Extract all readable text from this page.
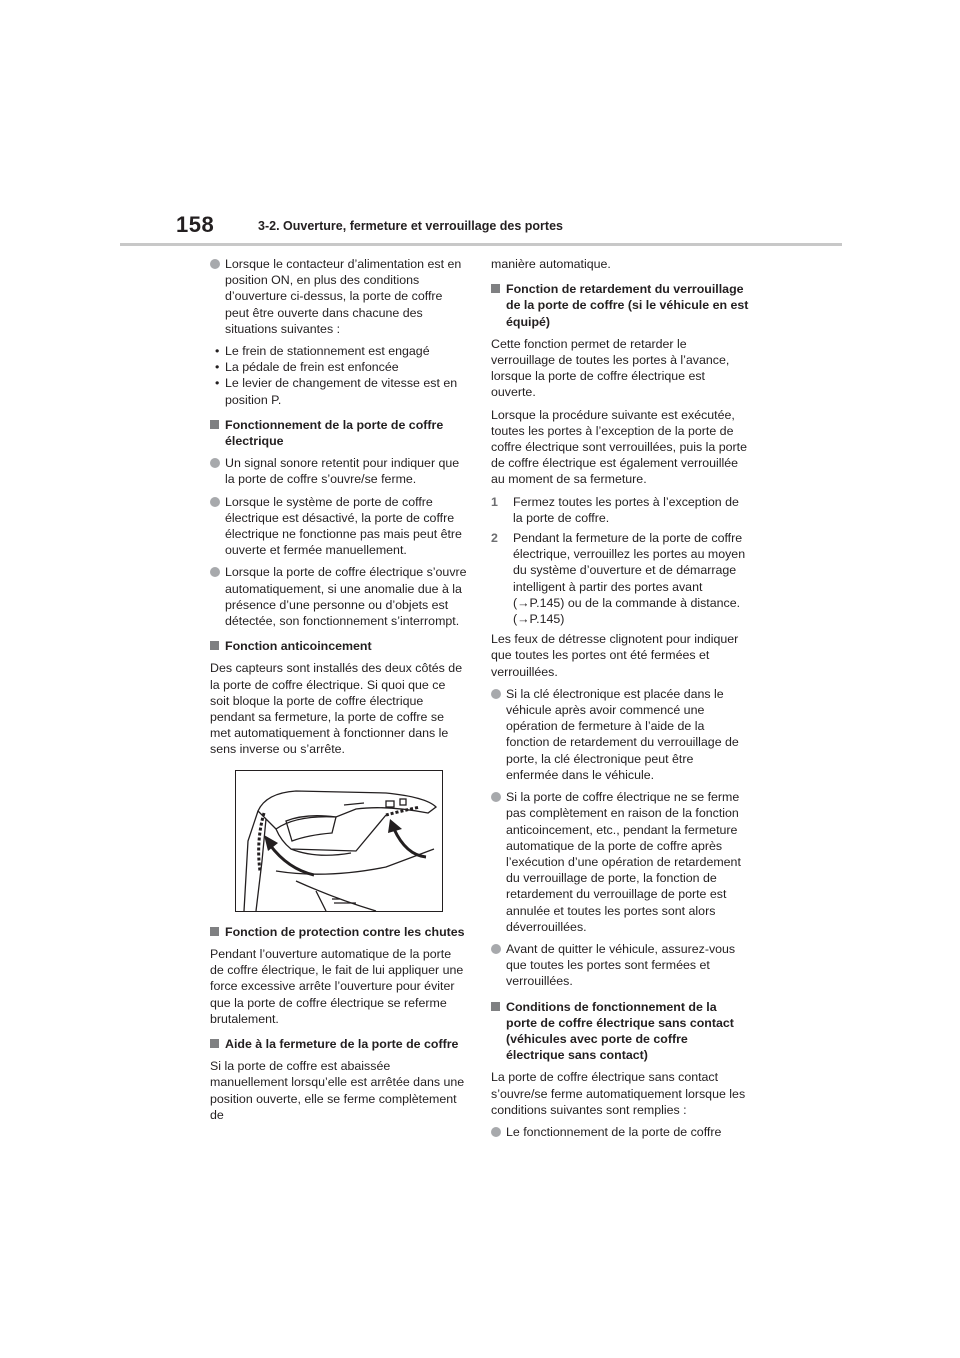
158	3-2. Ouverture, fermeture et verrouillage des portes
Lorsque le contacteur d’alimentation est en position ON, en plus des conditions d’ouverture ci-dessus, la porte de coffre peut être ouverte dans chacune des situations suivantes :
• Le frein de stationnement est engagé
• La pédale de frein est enfoncée
• Le levier de changement de vitesse est en position P.
Fonctionnement de la porte de coffre électrique
Un signal sonore retentit pour indiquer que la porte de coffre s’ouvre/se ferme.
Lorsque le système de porte de coffre électrique est désactivé, la porte de coffre électrique ne fonctionne pas mais peut être ouverte et fermée manuellement.
Lorsque la porte de coffre électrique s’ouvre automatiquement, si une anomalie due à la présence d’une personne ou d’objets est détectée, son fonctionnement s’interrompt.
Fonction anticoincement
Des capteurs sont installés des deux côtés de la porte de coffre électrique. Si quoi que ce soit bloque la porte de coffre électrique pendant sa fermeture, la porte de coffre se met automatiquement à fonctionner dans le sens inverse ou s’arrête.
Fonction de protection contre les chutes
Pendant l’ouverture automatique de la porte de coffre électrique, le fait de lui appliquer une force excessive arrête l’ouverture pour éviter que la porte de coffre électrique se referme brutalement.
Aide à la fermeture de la porte de coffre
Si la porte de coffre est abaissée manuellement lorsqu’elle est arrêtée dans une position ouverte, elle se ferme complètement de
manière automatique.
Fonction de retardement du verrouillage de la porte de coffre (si le véhicule en est équipé)
Cette fonction permet de retarder le verrouillage de toutes les portes à l’avance, lorsque la porte de coffre électrique est ouverte.
Lorsque la procédure suivante est exécutée, toutes les portes à l’exception de la porte de coffre électrique sont verrouillées, puis la porte de coffre électrique est également verrouillée au moment de sa fermeture.
1 Fermez toutes les portes à l’exception de la porte de coffre.
2 Pendant la fermeture de la porte de coffre électrique, verrouillez les portes au moyen du système d’ouverture et de démarrage intelligent à partir des portes avant (→P.145) ou de la commande à distance. (→P.145)
Les feux de détresse clignotent pour indiquer que toutes les portes ont été fermées et verrouillées.
Si la clé électronique est placée dans le véhicule après avoir commencé une opération de fermeture à l’aide de la fonction de retardement du verrouillage de porte, la clé électronique peut être enfermée dans le véhicule.
Si la porte de coffre électrique ne se ferme pas complètement en raison de la fonction anticoincement, etc., pendant la fermeture automatique de la porte de coffre après l’exécution d’une opération de retardement du verrouillage de porte, la fonction de retardement du verrouillage de porte est annulée et toutes les portes sont alors déverrouillées.
Avant de quitter le véhicule, assurez-vous que toutes les portes sont fermées et verrouillées.
Conditions de fonctionnement de la porte de coffre électrique sans contact (véhicules avec porte de coffre électrique sans contact)
La porte de coffre électrique sans contact s’ouvre/se ferme automatiquement lorsque les conditions suivantes sont remplies :
Le fonctionnement de la porte de coffre
